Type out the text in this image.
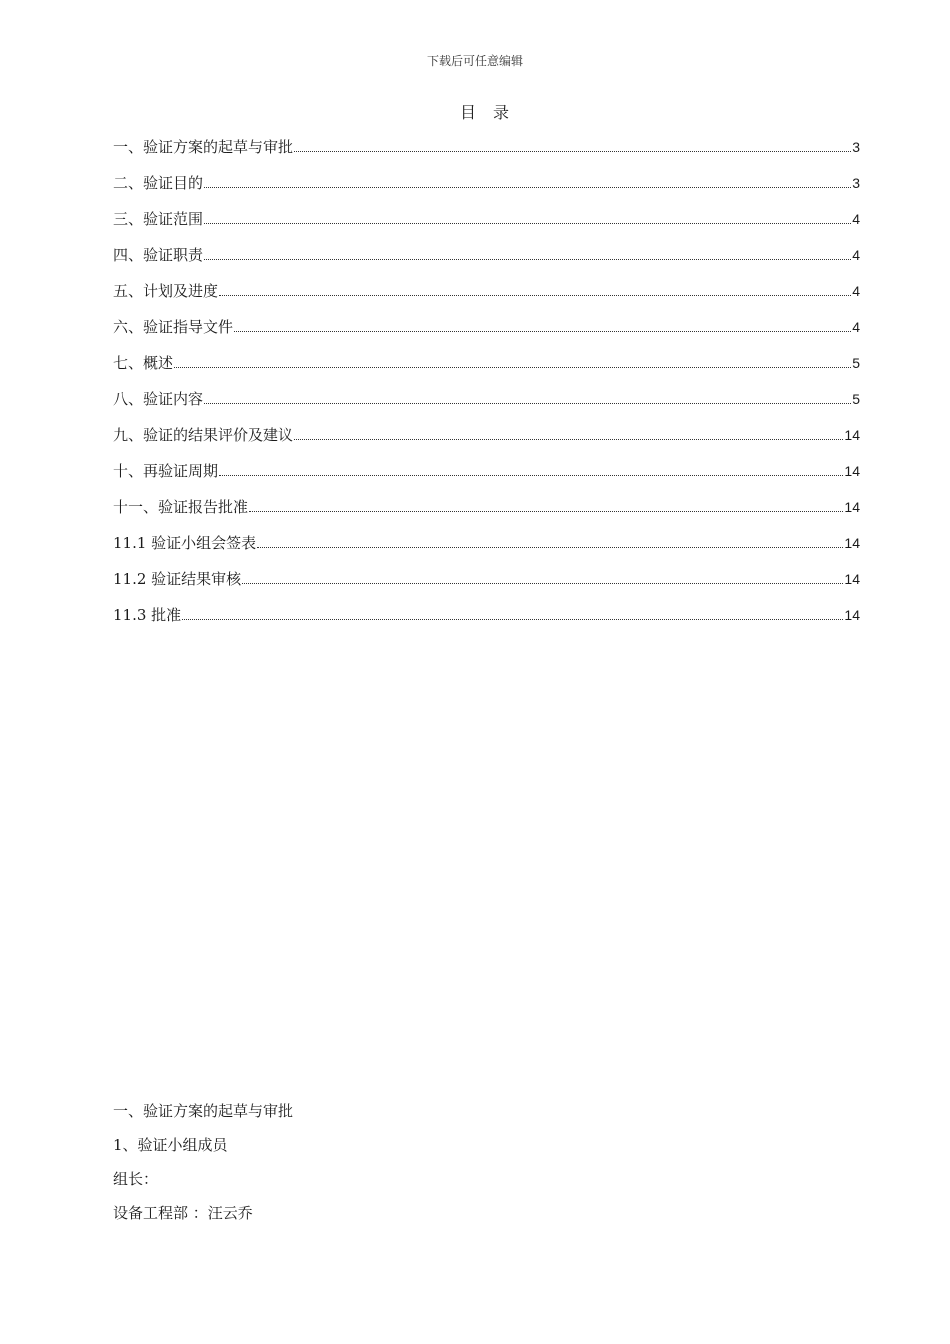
下载后可任意编辑
目 录
一、验证方案的起草与审批	3
二、验证目的	3
三、验证范围	4
四、验证职责	4
五、计划及进度	4
六、验证指导文件	4
七、概述	5
八、验证内容	5
九、验证的结果评价及建议	14
十、再验证周期	14
十一、验证报告批准	14
11.1 验证小组会签表	14
11.2 验证结果审核	14
11.3 批准	14
一、验证方案的起草与审批
1、验证小组成员
组长：
设备工程部 ：汪云乔
